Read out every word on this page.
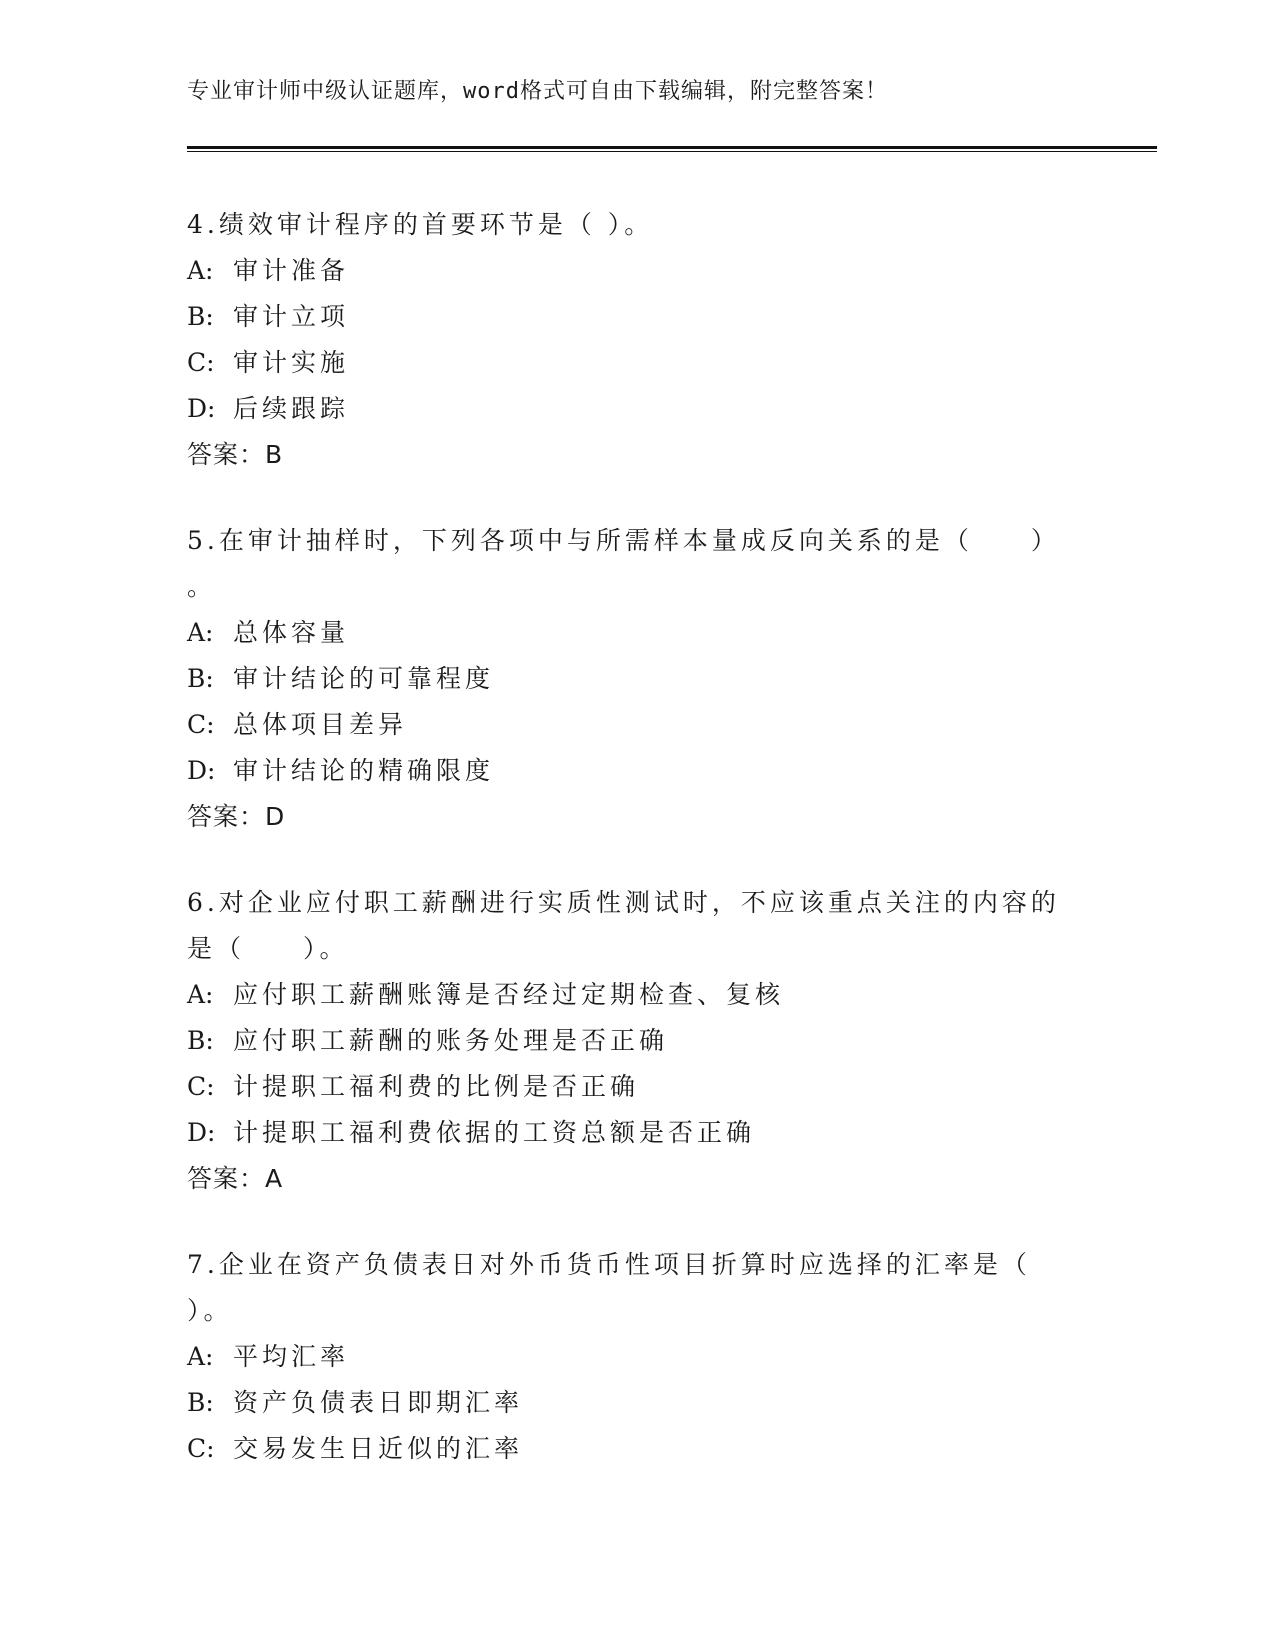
专业审计师中级认证题库，word格式可自由下载编辑，附完整答案！

4.绩效审计程序的首要环节是（ ）。

A: 审计准备

B: 审计立项

C: 审计实施

D: 后续跟踪

答案：B

5.在审计抽样时，下列各项中与所需样本量成反向关系的是（　　）

。

A: 总体容量

B: 审计结论的可靠程度

C: 总体项目差异

D: 审计结论的精确限度

答案：D

6.对企业应付职工薪酬进行实质性测试时，不应该重点关注的内容的

是（　　）。

A: 应付职工薪酬账簿是否经过定期检查、复核

B: 应付职工薪酬的账务处理是否正确

C: 计提职工福利费的比例是否正确

D: 计提职工福利费依据的工资总额是否正确

答案：A

7.企业在资产负债表日对外币货币性项目折算时应选择的汇率是（

）。

A: 平均汇率

B: 资产负债表日即期汇率

C: 交易发生日近似的汇率
